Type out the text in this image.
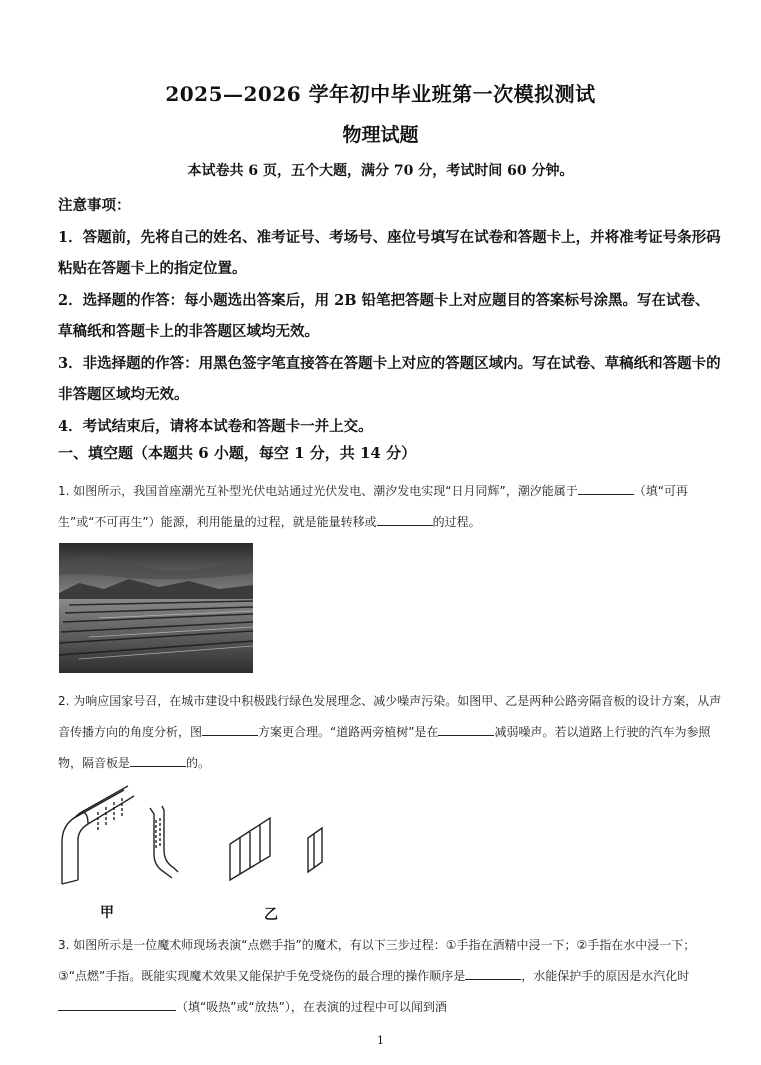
2025—2026 学年初中毕业班第一次模拟测试
物理试题
本试卷共 6 页，五个大题，满分 70 分，考试时间 60 分钟。

注意事项：

1．答题前，先将自己的姓名、准考证号、考场号、座位号填写在试卷和答题卡上，并将准考证号条形码粘贴在答题卡上的指定位置。

2．选择题的作答：每小题选出答案后，用 2B 铅笔把答题卡上对应题目的答案标号涂黑。写在试卷、草稿纸和答题卡上的非答题区域均无效。

3．非选择题的作答：用黑色签字笔直接答在答题卡上对应的答题区域内。写在试卷、草稿纸和答题卡的非答题区域均无效。

4．考试结束后，请将本试卷和答题卡一并上交。

一、填空题（本题共 6 小题，每空 1 分，共 14 分）
1. 如图所示，我国首座潮光互补型光伏电站通过光伏发电、潮汐发电实现“日月同辉”，潮汐能属于	（填“可再生”或“不可再生”）能源，利用能量的过程，就是能量转移或	的过程。
2. 为响应国家号召，在城市建设中积极践行绿色发展理念、减少噪声污染。如图甲、乙是两种公路旁隔音板的设计方案，从声音传播方向的角度分析，图	方案更合理。“道路两旁植树”是在	减弱噪声。若以道路上行驶的汽车为参照物，隔音板是	的。
甲	乙
3. 如图所示是一位魔术师现场表演“点燃手指”的魔术，有以下三步过程：①手指在酒精中浸一下；②手指在水中浸一下；③“点燃”手指。既能实现魔术效果又能保护手免受烧伤的最合理的操作顺序是	，水能保护手的原因是水汽化时（填“吸热”或“放热”），在表演的过程中可以闻到酒
1
